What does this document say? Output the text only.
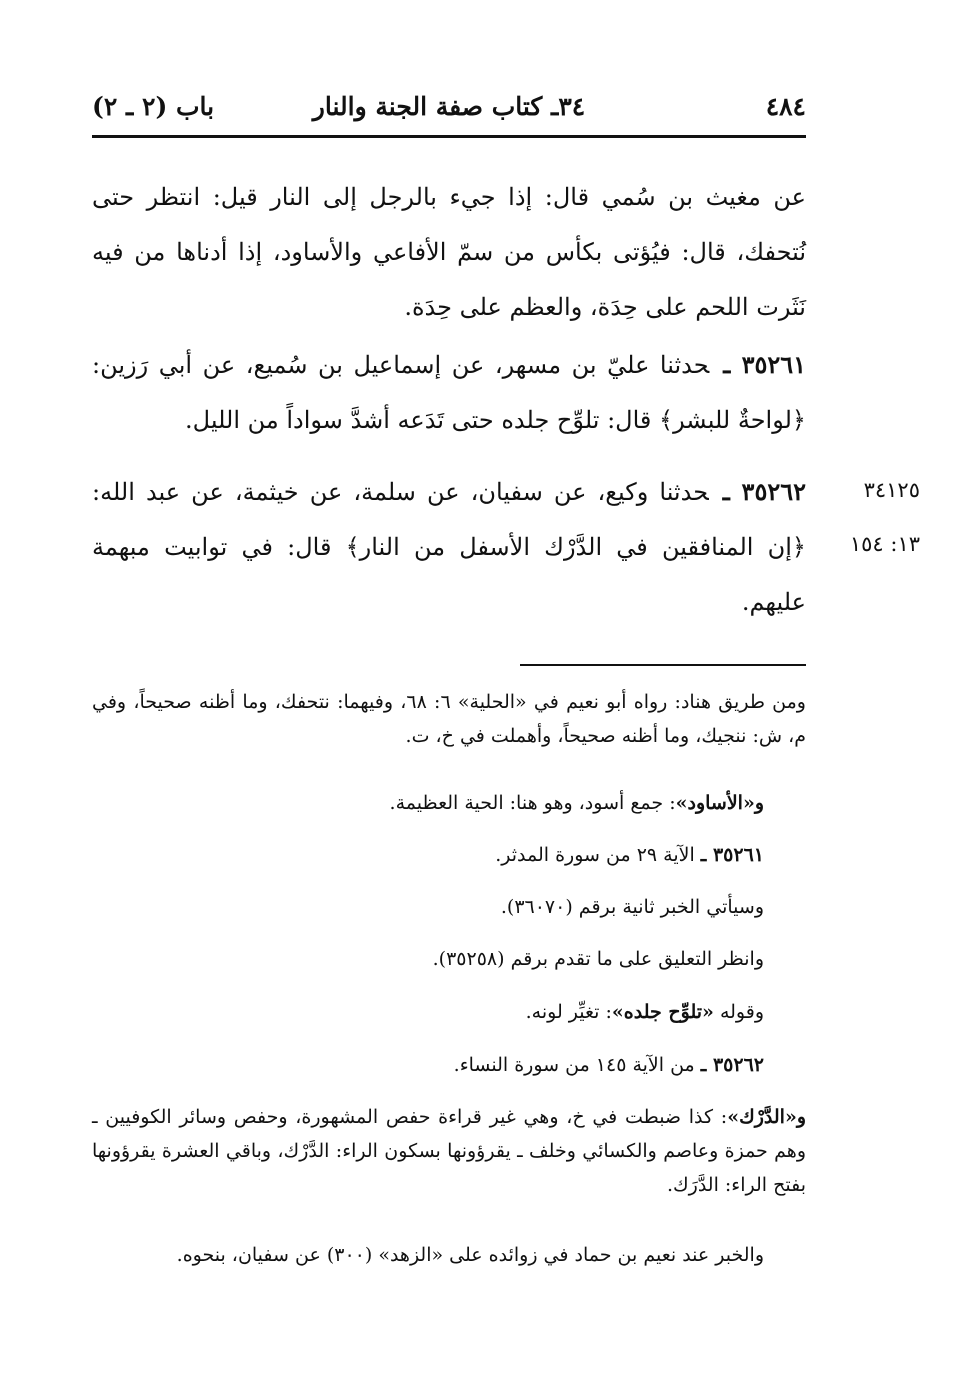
٤٨٤
٣٤ـ كتاب صفة الجنة والنار
باب (٢ ـ ٢)
عن مغيث بن سُمي قال: إذا جيء بالرجل إلى النار قيل: انتظر حتى نُتحفك، قال: فيُؤتى بكأس من سمّ الأفاعي والأساود، إذا أدناها من فيه نَثَرت اللحم على حِدَة، والعظم على حِدَة.
٣٥٢٦١ ـحدثنا عليّ بن مسهر، عن إسماعيل بن سُميع، عن أبي رَزين: ﴿لواحةٌ للبشر﴾ قال: تلوِّح جلده حتى تَدَعه أشدَّ سواداً من الليل.
٣٥٢٦٢ ـحدثنا وكيع، عن سفيان، عن سلمة، عن خيثمة، عن عبد الله: ﴿إن المنافقين في الدَّرْك الأسفل من النار﴾ قال: في توابيت مبهمة عليهم.
٣٤١٢٥
١٣: ١٥٤
ومن طريق هناد: رواه أبو نعيم في «الحلية» ٦: ٦٨، وفيهما: نتحفك، وما أظنه صحيحاً، وفي م، ش: ننجيك، وما أظنه صحيحاً، وأهملت في خ، ت.
و«الأساود»: جمع أسود، وهو هنا: الحية العظيمة.
٣٥٢٦١ ـ الآية ٢٩ من سورة المدثر.
وسيأتي الخبر ثانية برقم (٣٦٠٧٠).
وانظر التعليق على ما تقدم برقم (٣٥٢٥٨).
وقوله «تلوِّح جلده»: تغيِّر لونه.
٣٥٢٦٢ ـ من الآية ١٤٥ من سورة النساء.
و«الدَّرْك»: كذا ضبطت في خ، وهي غير قراءة حفص المشهورة، وحفص وسائر الكوفيين ـ وهم حمزة وعاصم والكسائي وخلف ـ يقرؤونها بسكون الراء: الدَّرْك، وباقي العشرة يقرؤونها بفتح الراء: الدَّرَك.
والخبر عند نعيم بن حماد في زوائده على «الزهد» (٣٠٠) عن سفيان، بنحوه.
